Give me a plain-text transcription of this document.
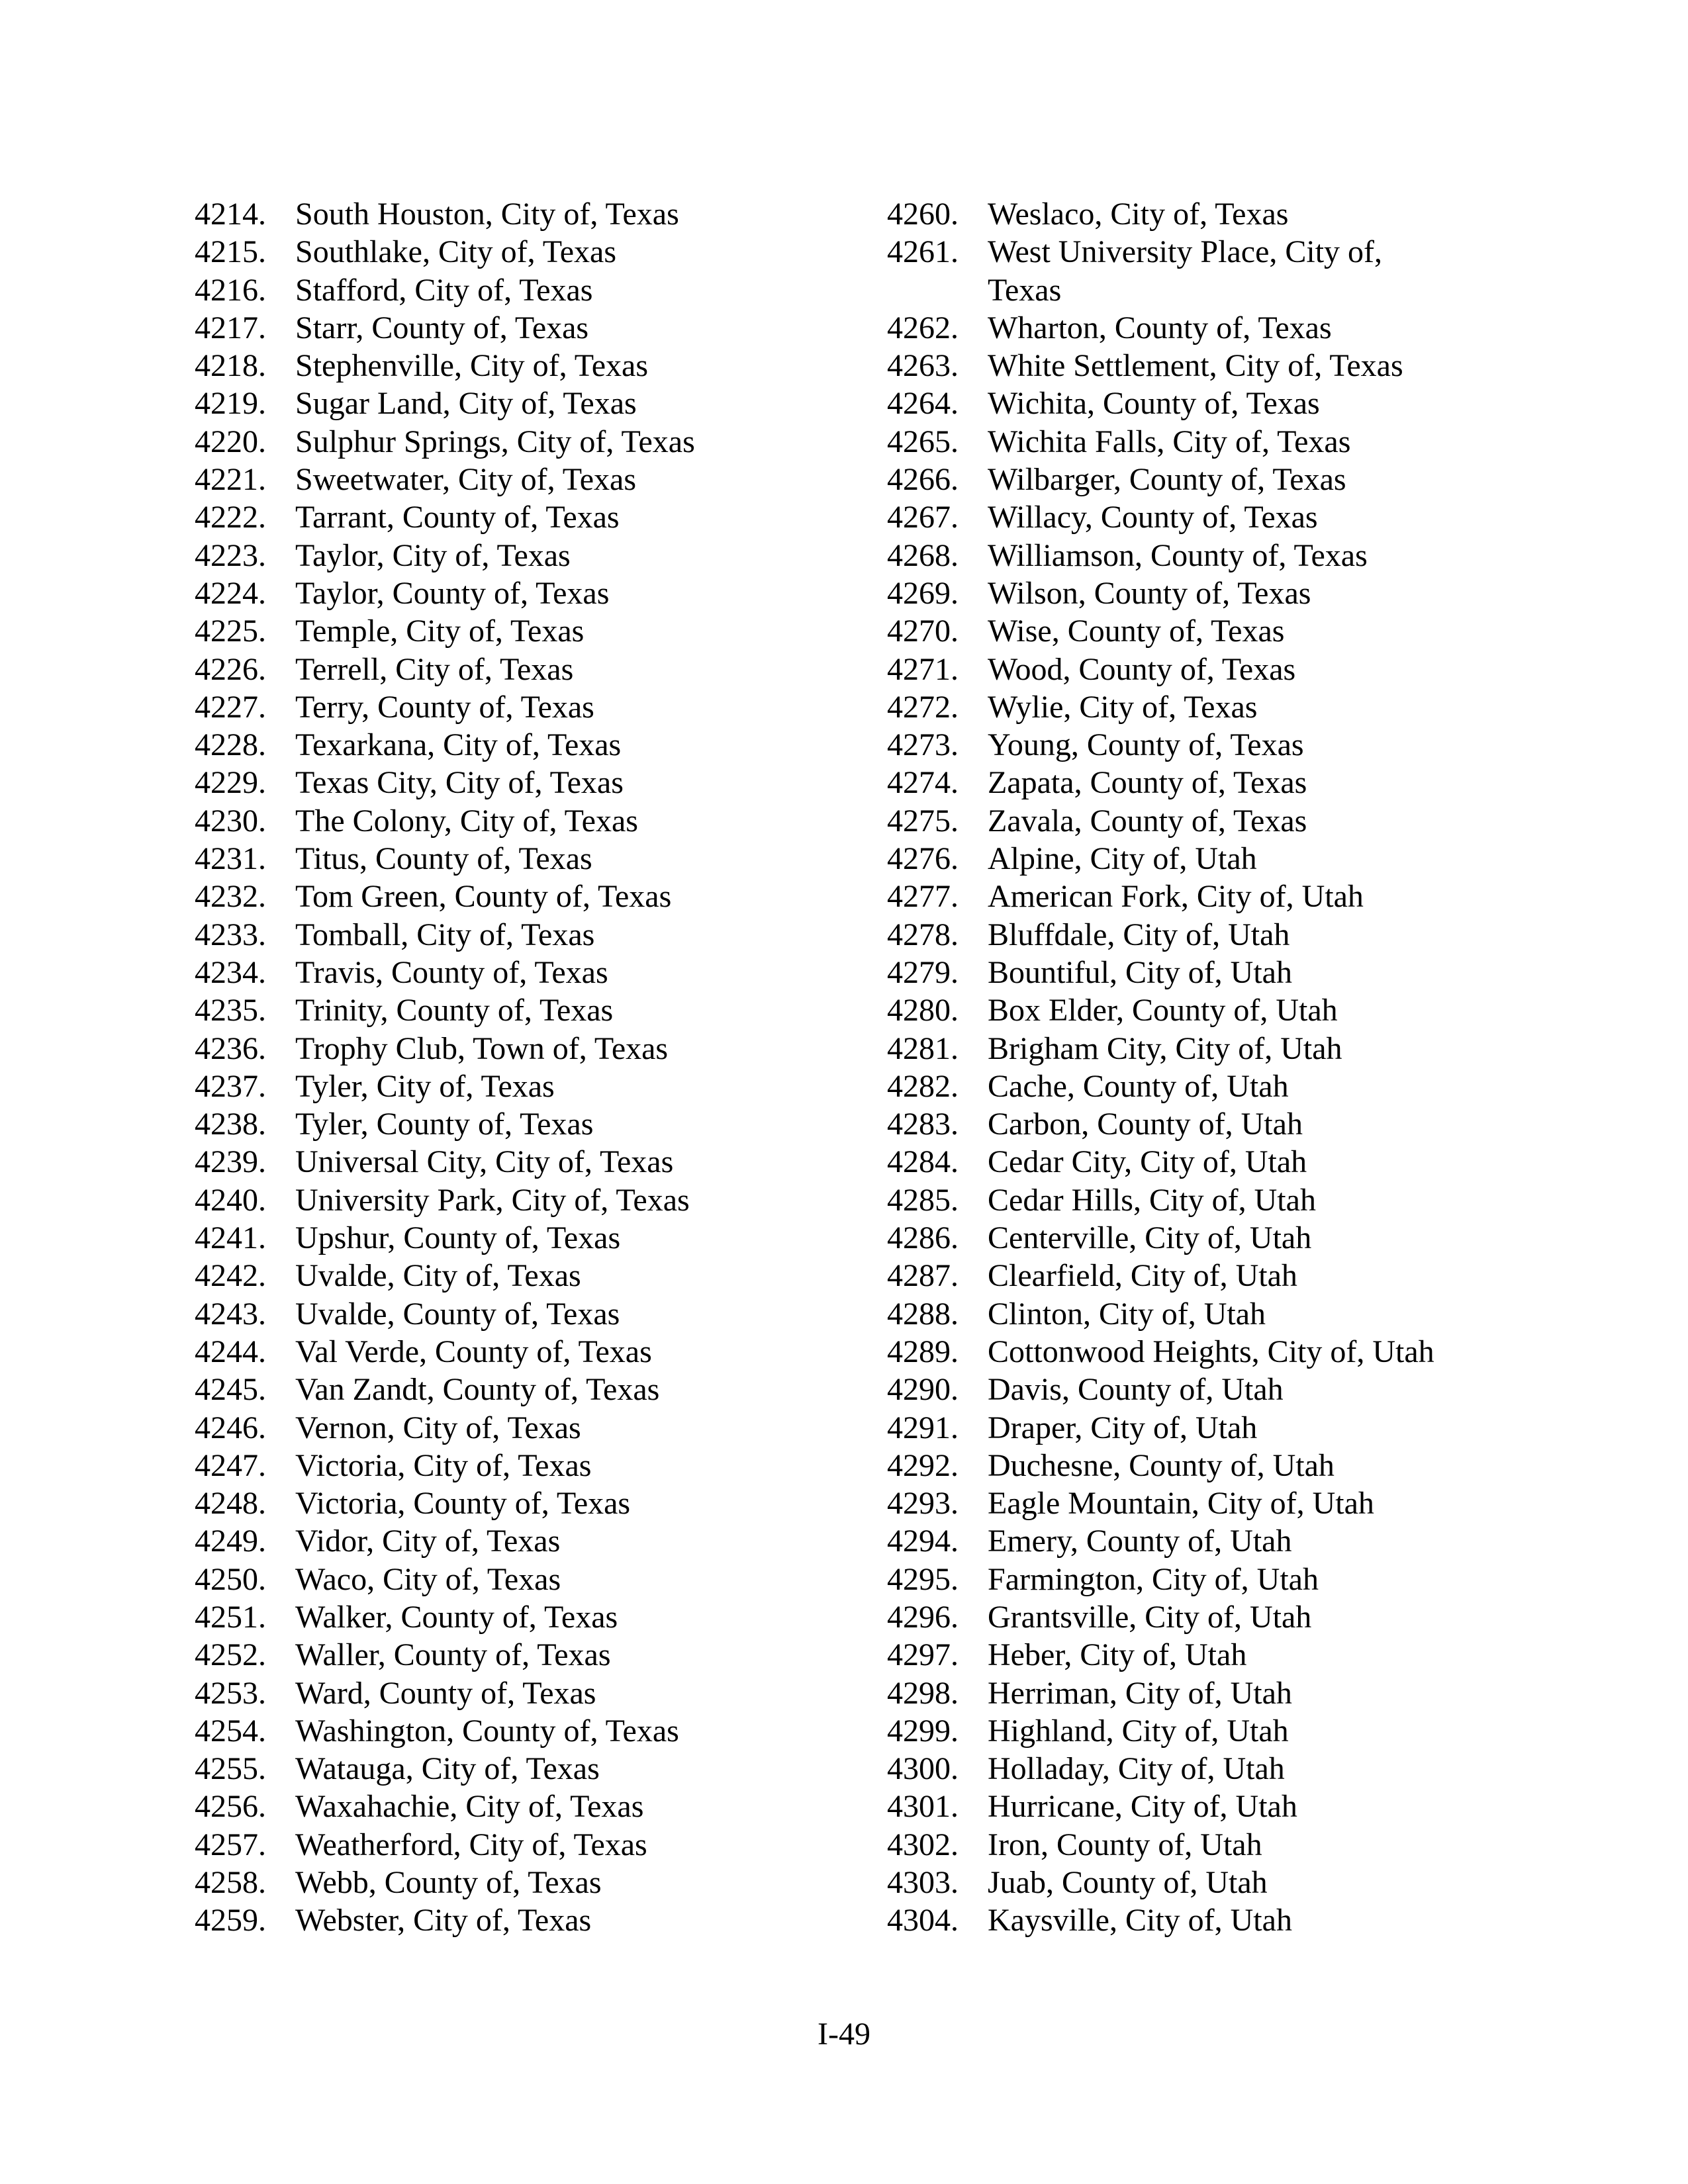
4214. South Houston, City of, Texas
4215. Southlake, City of, Texas
4216. Stafford, City of, Texas
4217. Starr, County of, Texas
4218. Stephenville, City of, Texas
4219. Sugar Land, City of, Texas
4220. Sulphur Springs, City of, Texas
4221. Sweetwater, City of, Texas
4222. Tarrant, County of, Texas
4223. Taylor, City of, Texas
4224. Taylor, County of, Texas
4225. Temple, City of, Texas
4226. Terrell, City of, Texas
4227. Terry, County of, Texas
4228. Texarkana, City of, Texas
4229. Texas City, City of, Texas
4230. The Colony, City of, Texas
4231. Titus, County of, Texas
4232. Tom Green, County of, Texas
4233. Tomball, City of, Texas
4234. Travis, County of, Texas
4235. Trinity, County of, Texas
4236. Trophy Club, Town of, Texas
4237. Tyler, City of, Texas
4238. Tyler, County of, Texas
4239. Universal City, City of, Texas
4240. University Park, City of, Texas
4241. Upshur, County of, Texas
4242. Uvalde, City of, Texas
4243. Uvalde, County of, Texas
4244. Val Verde, County of, Texas
4245. Van Zandt, County of, Texas
4246. Vernon, City of, Texas
4247. Victoria, City of, Texas
4248. Victoria, County of, Texas
4249. Vidor, City of, Texas
4250. Waco, City of, Texas
4251. Walker, County of, Texas
4252. Waller, County of, Texas
4253. Ward, County of, Texas
4254. Washington, County of, Texas
4255. Watauga, City of, Texas
4256. Waxahachie, City of, Texas
4257. Weatherford, City of, Texas
4258. Webb, County of, Texas
4259. Webster, City of, Texas
4260. Weslaco, City of, Texas
4261. West University Place, City of,
Texas
4262. Wharton, County of, Texas
4263. White Settlement, City of, Texas
4264. Wichita, County of, Texas
4265. Wichita Falls, City of, Texas
4266. Wilbarger, County of, Texas
4267. Willacy, County of, Texas
4268. Williamson, County of, Texas
4269. Wilson, County of, Texas
4270. Wise, County of, Texas
4271. Wood, County of, Texas
4272. Wylie, City of, Texas
4273. Young, County of, Texas
4274. Zapata, County of, Texas
4275. Zavala, County of, Texas
4276. Alpine, City of, Utah
4277. American Fork, City of, Utah
4278. Bluffdale, City of, Utah
4279. Bountiful, City of, Utah
4280. Box Elder, County of, Utah
4281. Brigham City, City of, Utah
4282. Cache, County of, Utah
4283. Carbon, County of, Utah
4284. Cedar City, City of, Utah
4285. Cedar Hills, City of, Utah
4286. Centerville, City of, Utah
4287. Clearfield, City of, Utah
4288. Clinton, City of, Utah
4289. Cottonwood Heights, City of, Utah
4290. Davis, County of, Utah
4291. Draper, City of, Utah
4292. Duchesne, County of, Utah
4293. Eagle Mountain, City of, Utah
4294. Emery, County of, Utah
4295. Farmington, City of, Utah
4296. Grantsville, City of, Utah
4297. Heber, City of, Utah
4298. Herriman, City of, Utah
4299. Highland, City of, Utah
4300. Holladay, City of, Utah
4301. Hurricane, City of, Utah
4302. Iron, County of, Utah
4303. Juab, County of, Utah
4304. Kaysville, City of, Utah
I-49
